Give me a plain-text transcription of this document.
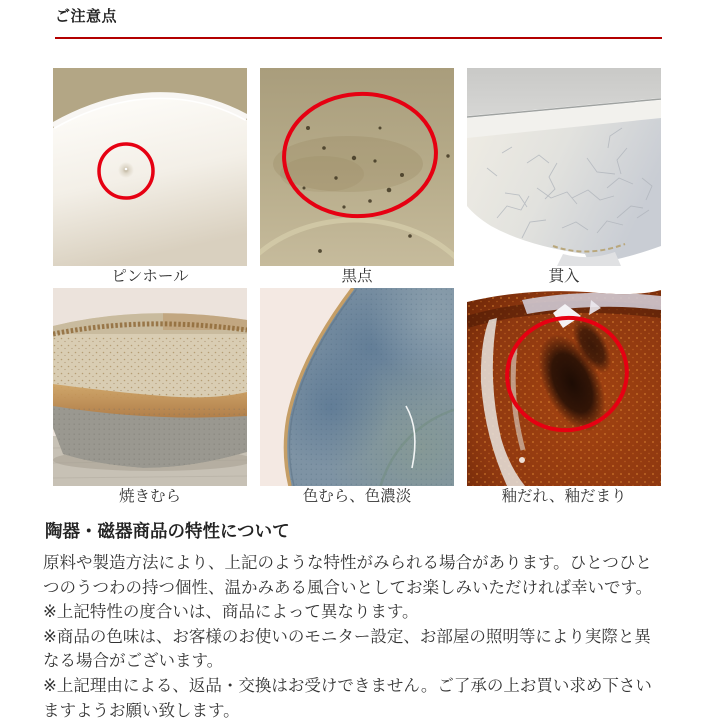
ご注意点
ピンホール	黒点	貫入
焼きむら	色むら、色濃淡	釉だれ、釉だまり
陶器・磁器商品の特性について
原料や製造方法により、上記のような特性がみられる場合があります。ひとつひと
つのうつわの持つ個性、温かみある風合いとしてお楽しみいただければ幸いです。
※上記特性の度合いは、商品によって異なります。
※商品の色味は、お客様のお使いのモニター設定、お部屋の照明等により実際と異
なる場合がございます。
※上記理由による、返品・交換はお受けできません。ご了承の上お買い求め下さい
ますようお願い致します。
